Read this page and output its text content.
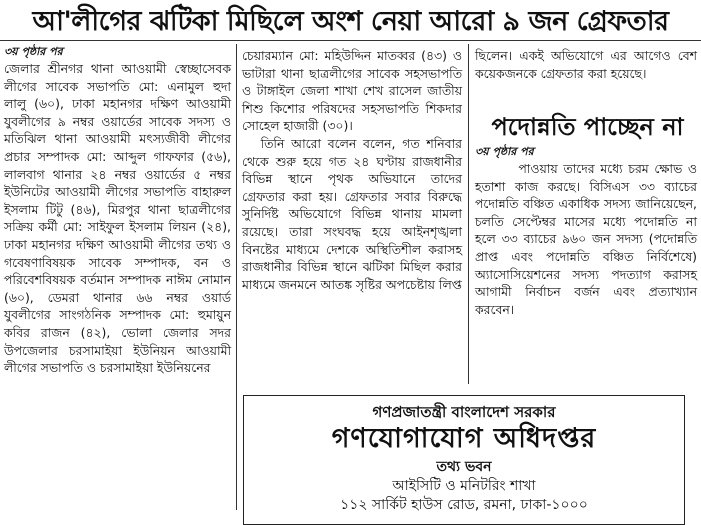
আ'লীগের ঝটিকা মিছিলে অংশ নেয়া আরো ৯ জন গ্রেফতার

৩য় পৃষ্ঠার পর

জেলার শ্রীনগর থানা আওয়ামী স্বেচ্ছাসেবক লীগের সাবেক সভাপতি মো: এনামুল হুদা লালু (৬০), ঢাকা মহানগর দক্ষিণ আওয়ামী যুবলীগের ৯ নম্বর ওয়ার্ডের সাবেক সদস্য ও মতিঝিল থানা আওয়ামী মৎস্যজীবী লীগের প্রচার সম্পাদক মো: আব্দুল গাফফার (৫৬), লালবাগ থানার ২৪ নম্বর ওয়ার্ডের ৫ নম্বর ইউনিটের আওয়ামী লীগের সভাপতি বাহারুল ইসলাম টিটু (৪৬), মিরপুর থানা ছাত্রলীগের সক্রিয় কর্মী মো: সাইফুল ইসলাম লিয়ন (২৪), ঢাকা মহানগর দক্ষিণ আওয়ামী লীগের তথ্য ও গবেষণাবিষয়ক সাবেক সম্পাদক, বন ও পরিবেশবিষয়ক বর্তমান সম্পাদক নাঈম নোমান (৬০), ডেমরা থানার ৬৬ নম্বর ওয়ার্ড যুবলীগের সাংগঠনিক সম্পাদক মো: হুমায়ুন কবির রাজন (৪২), ভোলা জেলার সদর উপজেলার চরসামাইয়া ইউনিয়ন আওয়ামী লীগের সভাপতি ও চরসামাইয়া ইউনিয়নের

চেয়ারম্যান মো: মহিউদ্দিন মাতব্বর (৪৩) ও ভাটারা থানা ছাত্রলীগের সাবেক সহসভাপতি ও টাঙ্গাইল জেলা শাখা শেখ রাসেল জাতীয় শিশু কিশোর পরিষদের সহসভাপতি শিকদার সোহেল হাজারী (৩০)।

তিনি আরো বলেন বলেন, গত শনিবার থেকে শুরু হয়ে গত ২৪ ঘণ্টায় রাজধানীর বিভিন্ন স্থানে পৃথক অভিযানে তাদের গ্রেফতার করা হয়। গ্রেফতার সবার বিরুদ্ধে সুনির্দিষ্ট অভিযোগে বিভিন্ন থানায় মামলা রয়েছে। তারা সংঘবদ্ধ হয়ে আইনশৃঙ্খলা বিনষ্টের মাধ্যমে দেশকে অস্থিতিশীল করাসহ রাজধানীর বিভিন্ন স্থানে ঝটিকা মিছিল করার মাধ্যমে জনমনে আতঙ্ক সৃষ্টির অপচেষ্টায় লিপ্ত

ছিলেন। একই অভিযোগে এর আগেও বেশ কয়েকজনকে গ্রেফতার করা হয়েছে।

পদোন্নতি পাচ্ছেন না

৩য় পৃষ্ঠার পর

পাওয়ায় তাদের মধ্যে চরম ক্ষোভ ও হতাশা কাজ করছে। বিসিএস ৩৩ ব্যাচের পদোন্নতি বঞ্চিত একাধিক সদস্য জানিয়েছেন, চলতি সেপ্টেম্বর মাসের মধ্যে পদোন্নতি না হলে ৩৩ ব্যাচের ৯৬০ জন সদস্য (পদোন্নতি প্রাপ্ত এবং পদোন্নতি বঞ্চিত নির্বিশেষে) অ্যাসোসিয়েশনের সদস্য পদত্যাগ করাসহ আগামী নির্বাচন বর্জন এবং প্রত্যাখ্যান করবেন।

গণপ্রজাতন্ত্রী বাংলাদেশ সরকার
গণযোগাযোগ অধিদপ্তর
তথ্য ভবন
আইসিটি ও মনিটরিং শাখা
১১২ সার্কিট হাউস রোড, রমনা, ঢাকা-১০০০
